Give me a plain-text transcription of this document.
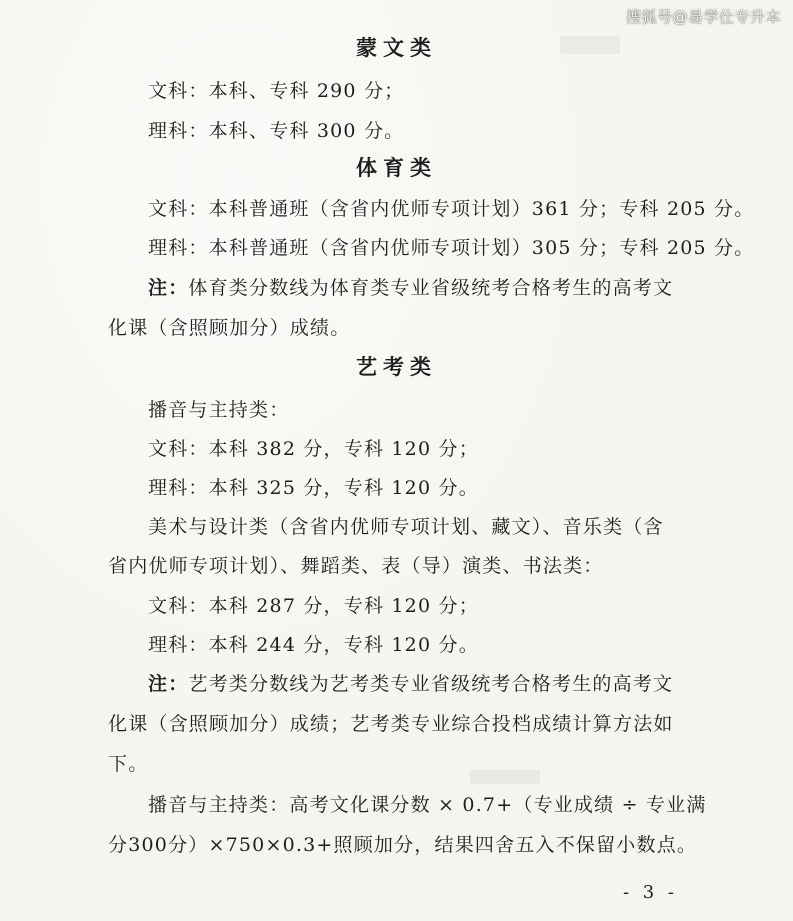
搜狐号@易学仕专升本
蒙文类
文科：本科、专科 290 分；
理科：本科、专科 300 分。
体育类
文科：本科普通班（含省内优师专项计划）361 分；专科 205 分。
理科：本科普通班（含省内优师专项计划）305 分；专科 205 分。
注：体育类分数线为体育类专业省级统考合格考生的高考文
化课（含照顾加分）成绩。
艺考类
播音与主持类：
文科：本科 382 分，专科 120 分；
理科：本科 325 分，专科 120 分。
美术与设计类（含省内优师专项计划、藏文）、音乐类（含
省内优师专项计划）、舞蹈类、表（导）演类、书法类：
文科：本科 287 分，专科 120 分；
理科：本科 244 分，专科 120 分。
注：艺考类分数线为艺考类专业省级统考合格考生的高考文
化课（含照顾加分）成绩；艺考类专业综合投档成绩计算方法如
下。
播音与主持类：高考文化课分数 × 0.7+（专业成绩 ÷ 专业满
分300分）×750×0.3+照顾加分，结果四舍五入不保留小数点。
- 3 -
